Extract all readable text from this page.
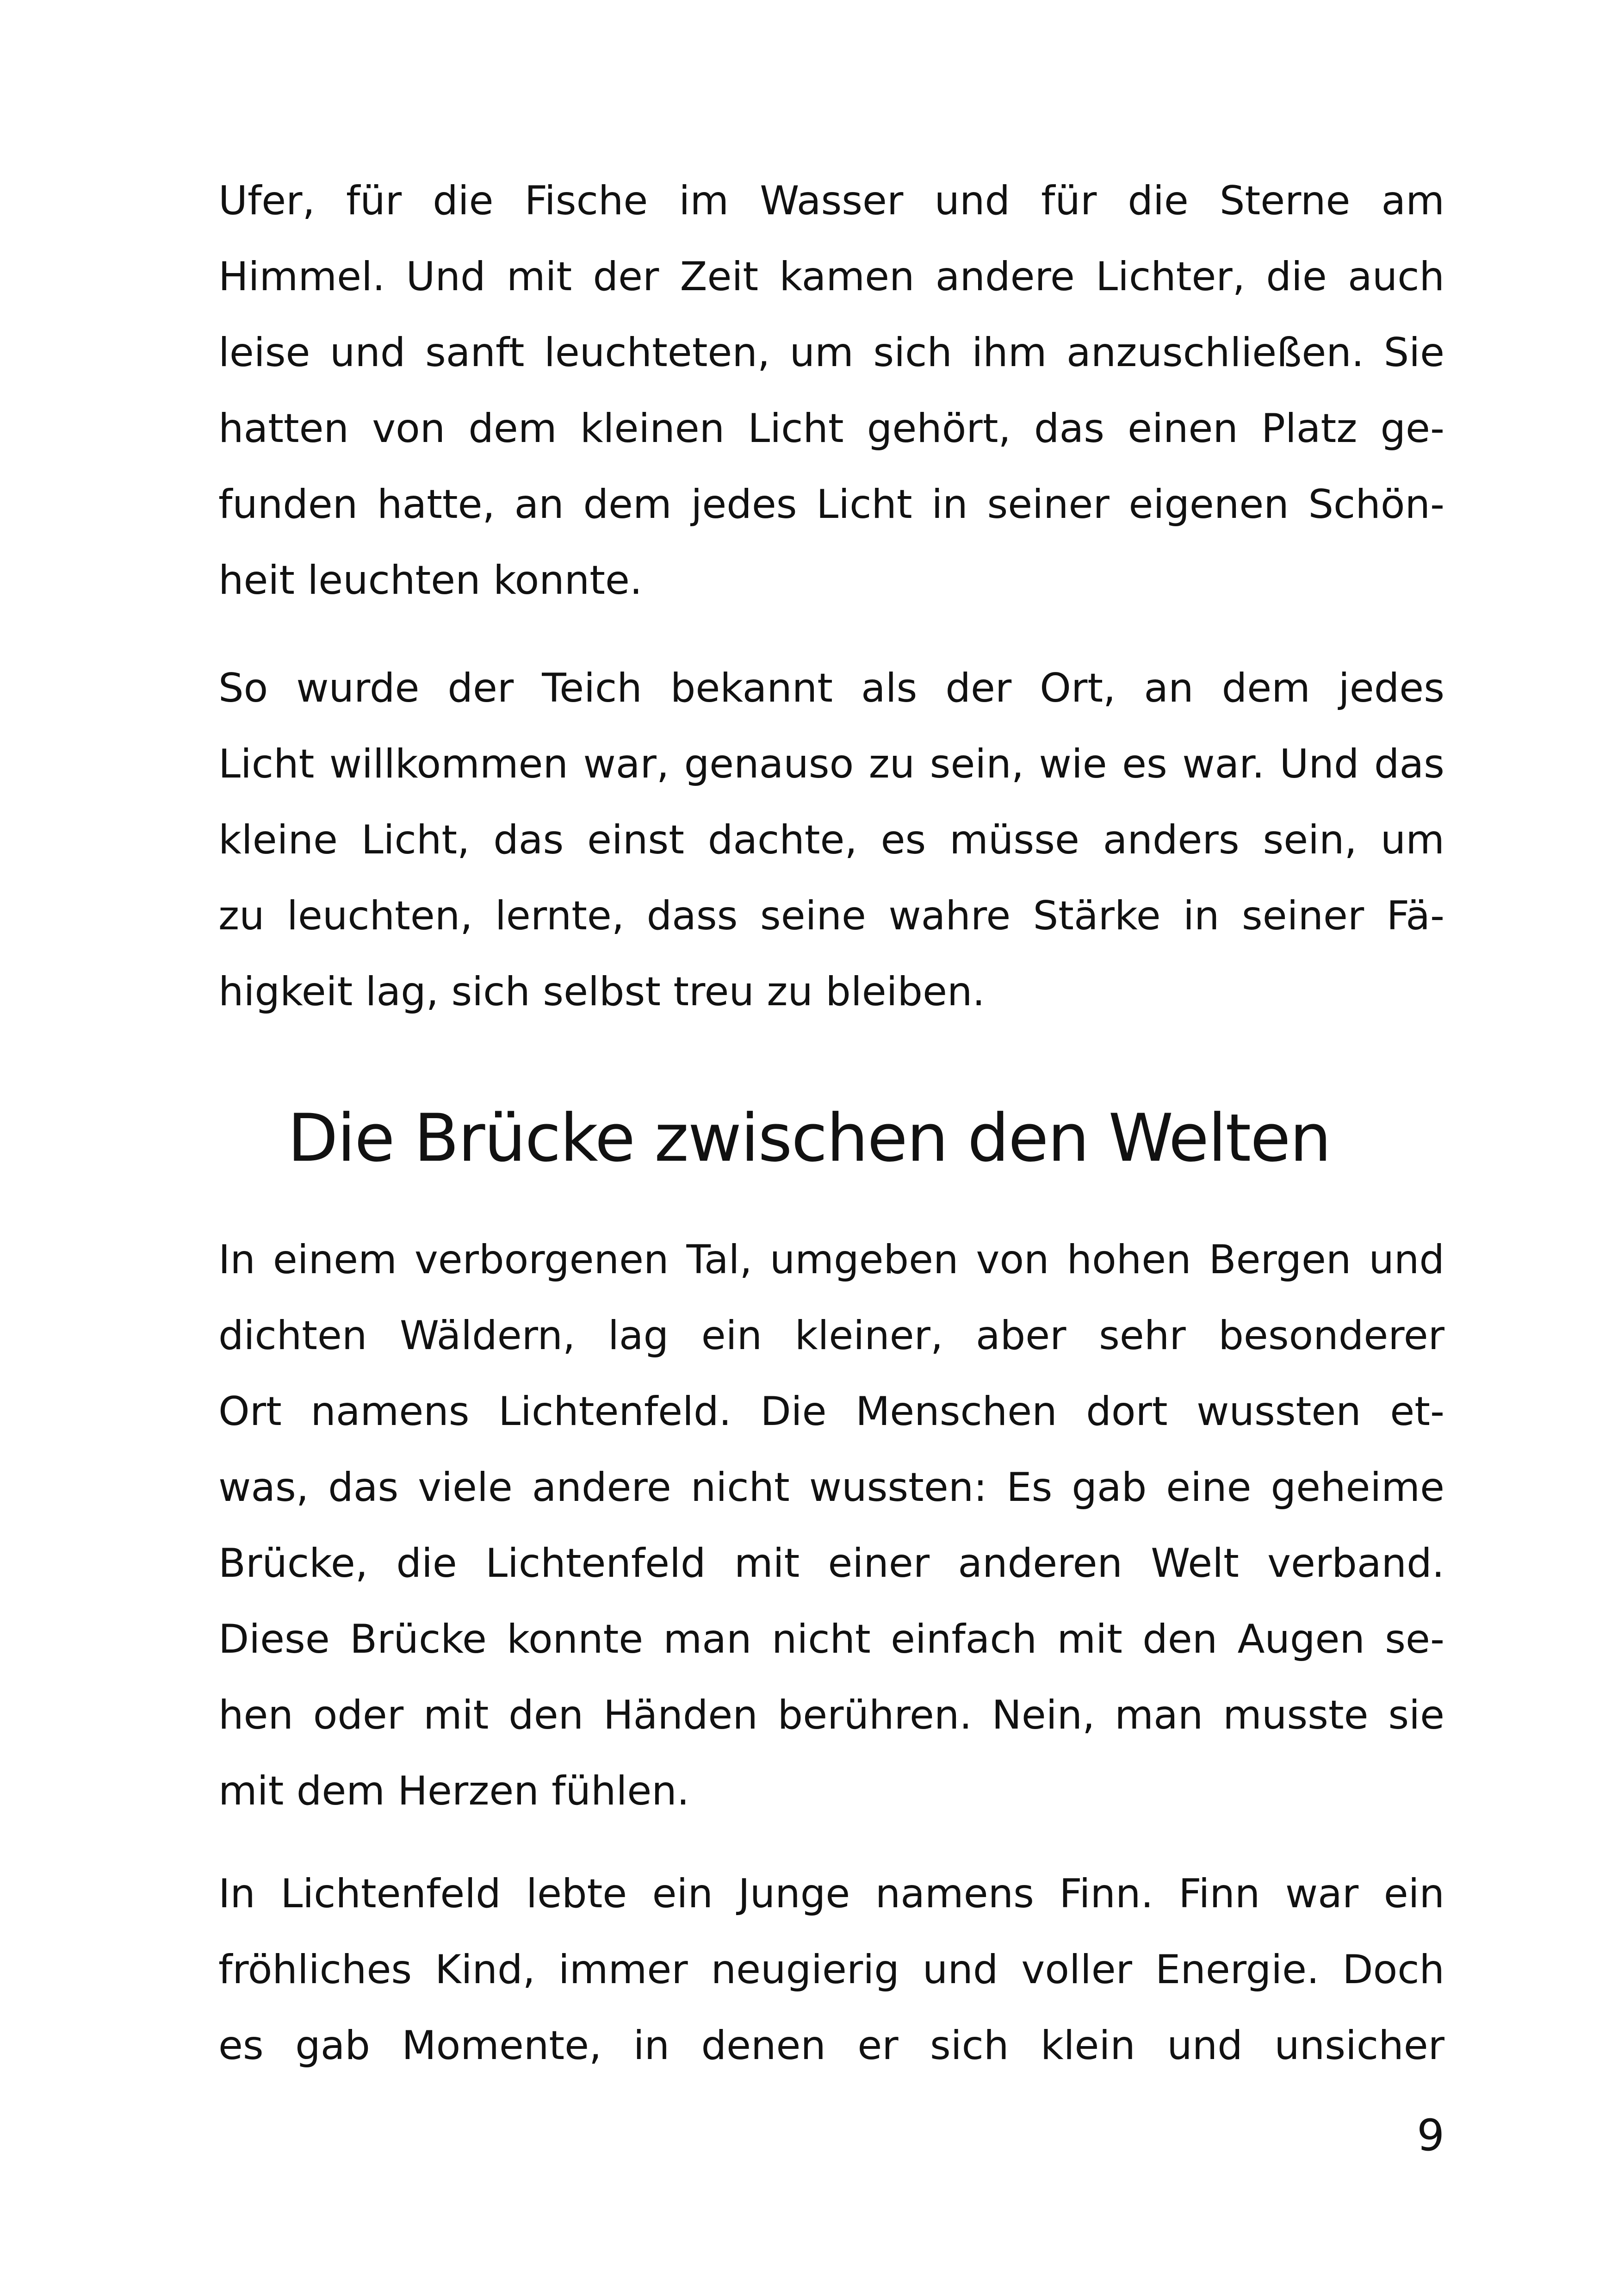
Ufer, für die Fische im Wasser und für die Sterne am
Himmel. Und mit der Zeit kamen andere Lichter, die auch
leise und sanft leuchteten, um sich ihm anzuschließen. Sie
hatten von dem kleinen Licht gehört, das einen Platz ge-
funden hatte, an dem jedes Licht in seiner eigenen Schön-
heit leuchten konnte.

So wurde der Teich bekannt als der Ort, an dem jedes
Licht willkommen war, genauso zu sein, wie es war. Und das
kleine Licht, das einst dachte, es müsse anders sein, um
zu leuchten, lernte, dass seine wahre Stärke in seiner Fä-
higkeit lag, sich selbst treu zu bleiben.

Die Brücke zwischen den Welten

In einem verborgenen Tal, umgeben von hohen Bergen und
dichten Wäldern, lag ein kleiner, aber sehr besonderer
Ort namens Lichtenfeld. Die Menschen dort wussten et-
was, das viele andere nicht wussten: Es gab eine geheime
Brücke, die Lichtenfeld mit einer anderen Welt verband.
Diese Brücke konnte man nicht einfach mit den Augen se-
hen oder mit den Händen berühren. Nein, man musste sie
mit dem Herzen fühlen.

In Lichtenfeld lebte ein Junge namens Finn. Finn war ein
fröhliches Kind, immer neugierig und voller Energie. Doch
es gab Momente, in denen er sich klein und unsicher

9
